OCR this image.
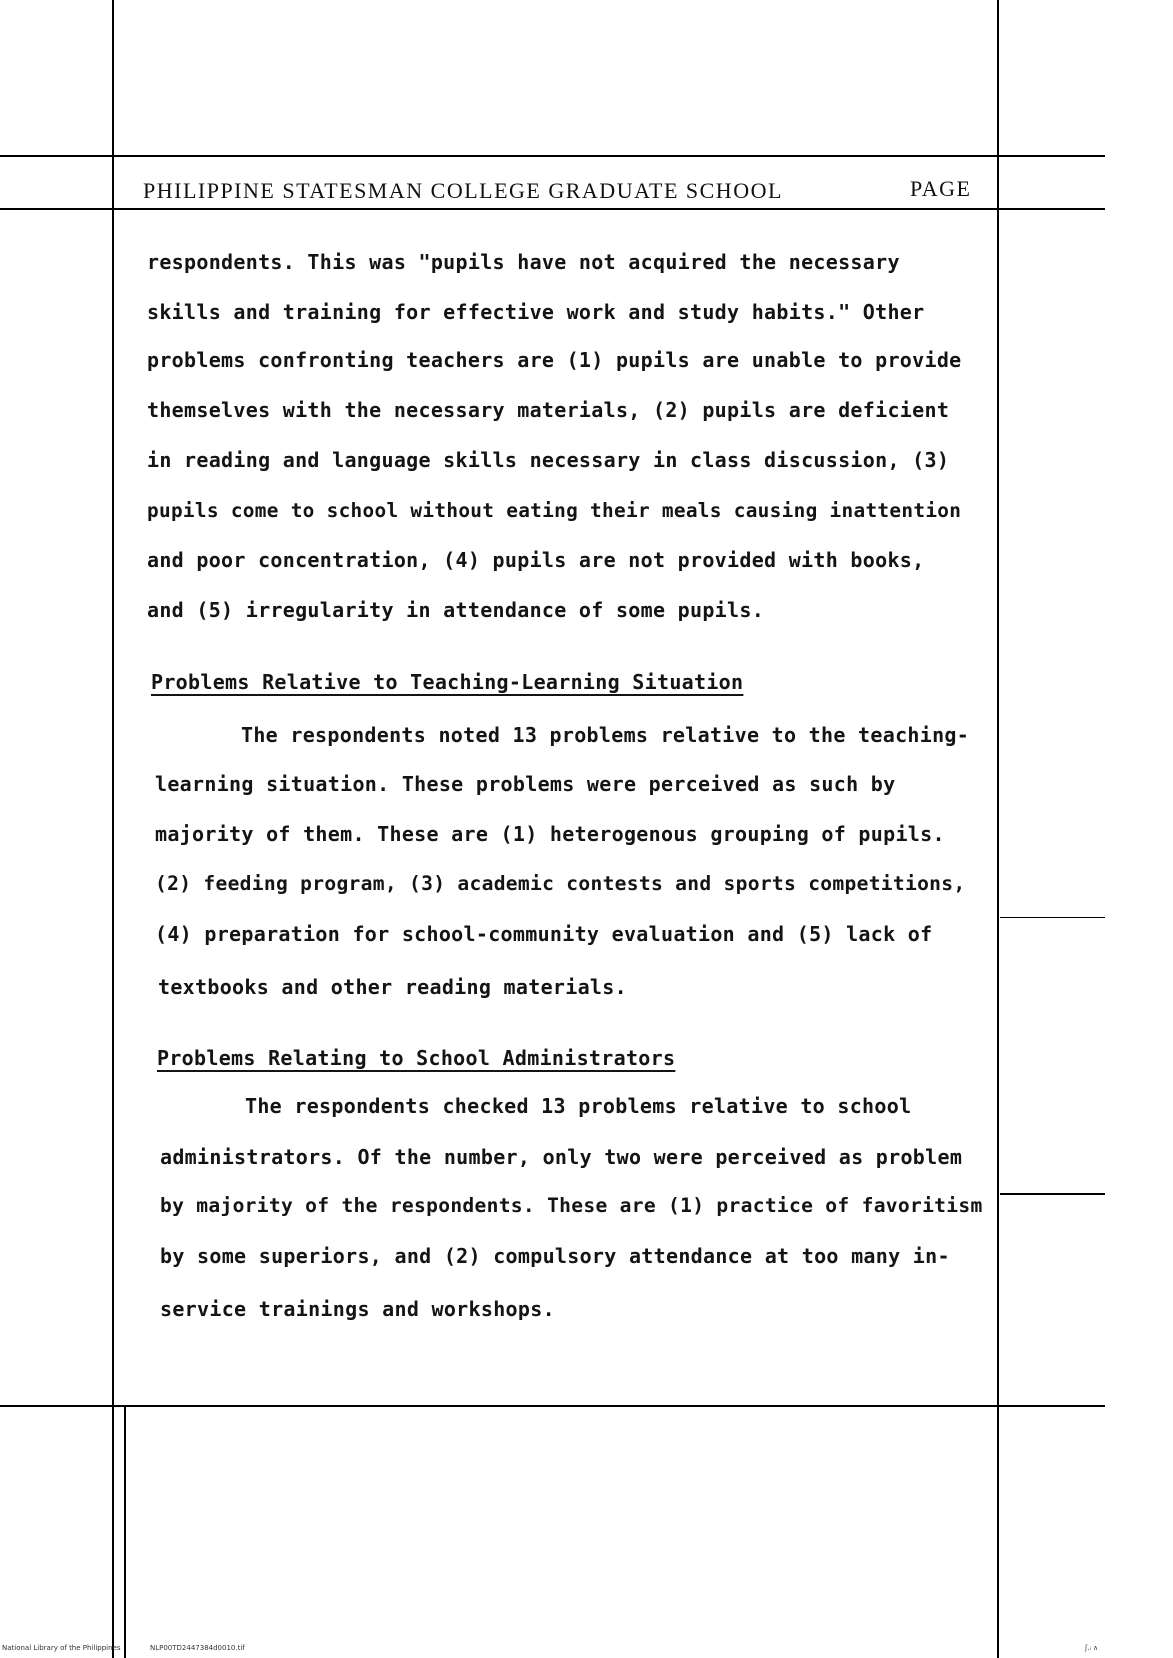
PHILIPPINE STATESMAN COLLEGE GRADUATE SCHOOL	PAGE
respondents. This was "pupils have not acquired the necessary
skills and training for effective work and study habits." Other
problems confronting teachers are (1) pupils are unable to provide
themselves with the necessary materials, (2) pupils are deficient
in reading and language skills necessary in class discussion, (3)
pupils come to school without eating their meals causing inattention
and poor concentration, (4) pupils are not provided with books,
and (5) irregularity in attendance of some pupils.
Problems Relative to Teaching-Learning Situation
The respondents noted 13 problems relative to the teaching-
learning situation. These problems were perceived as such by
majority of them. These are (1) heterogenous grouping of pupils.
(2) feeding program, (3) academic contests and sports competitions,
(4) preparation for school-community evaluation and (5) lack of
textbooks and other reading materials.
Problems Relating to School Administrators
The respondents checked 13 problems relative to school
administrators. Of the number, only two were perceived as problem
by majority of the respondents. These are (1) practice of favoritism
by some superiors, and (2) compulsory attendance at too many in-
service trainings and workshops.
National Library of the Philippines	NLP00TD2447384d0010.tif	ʃ.ᵢ ∧
